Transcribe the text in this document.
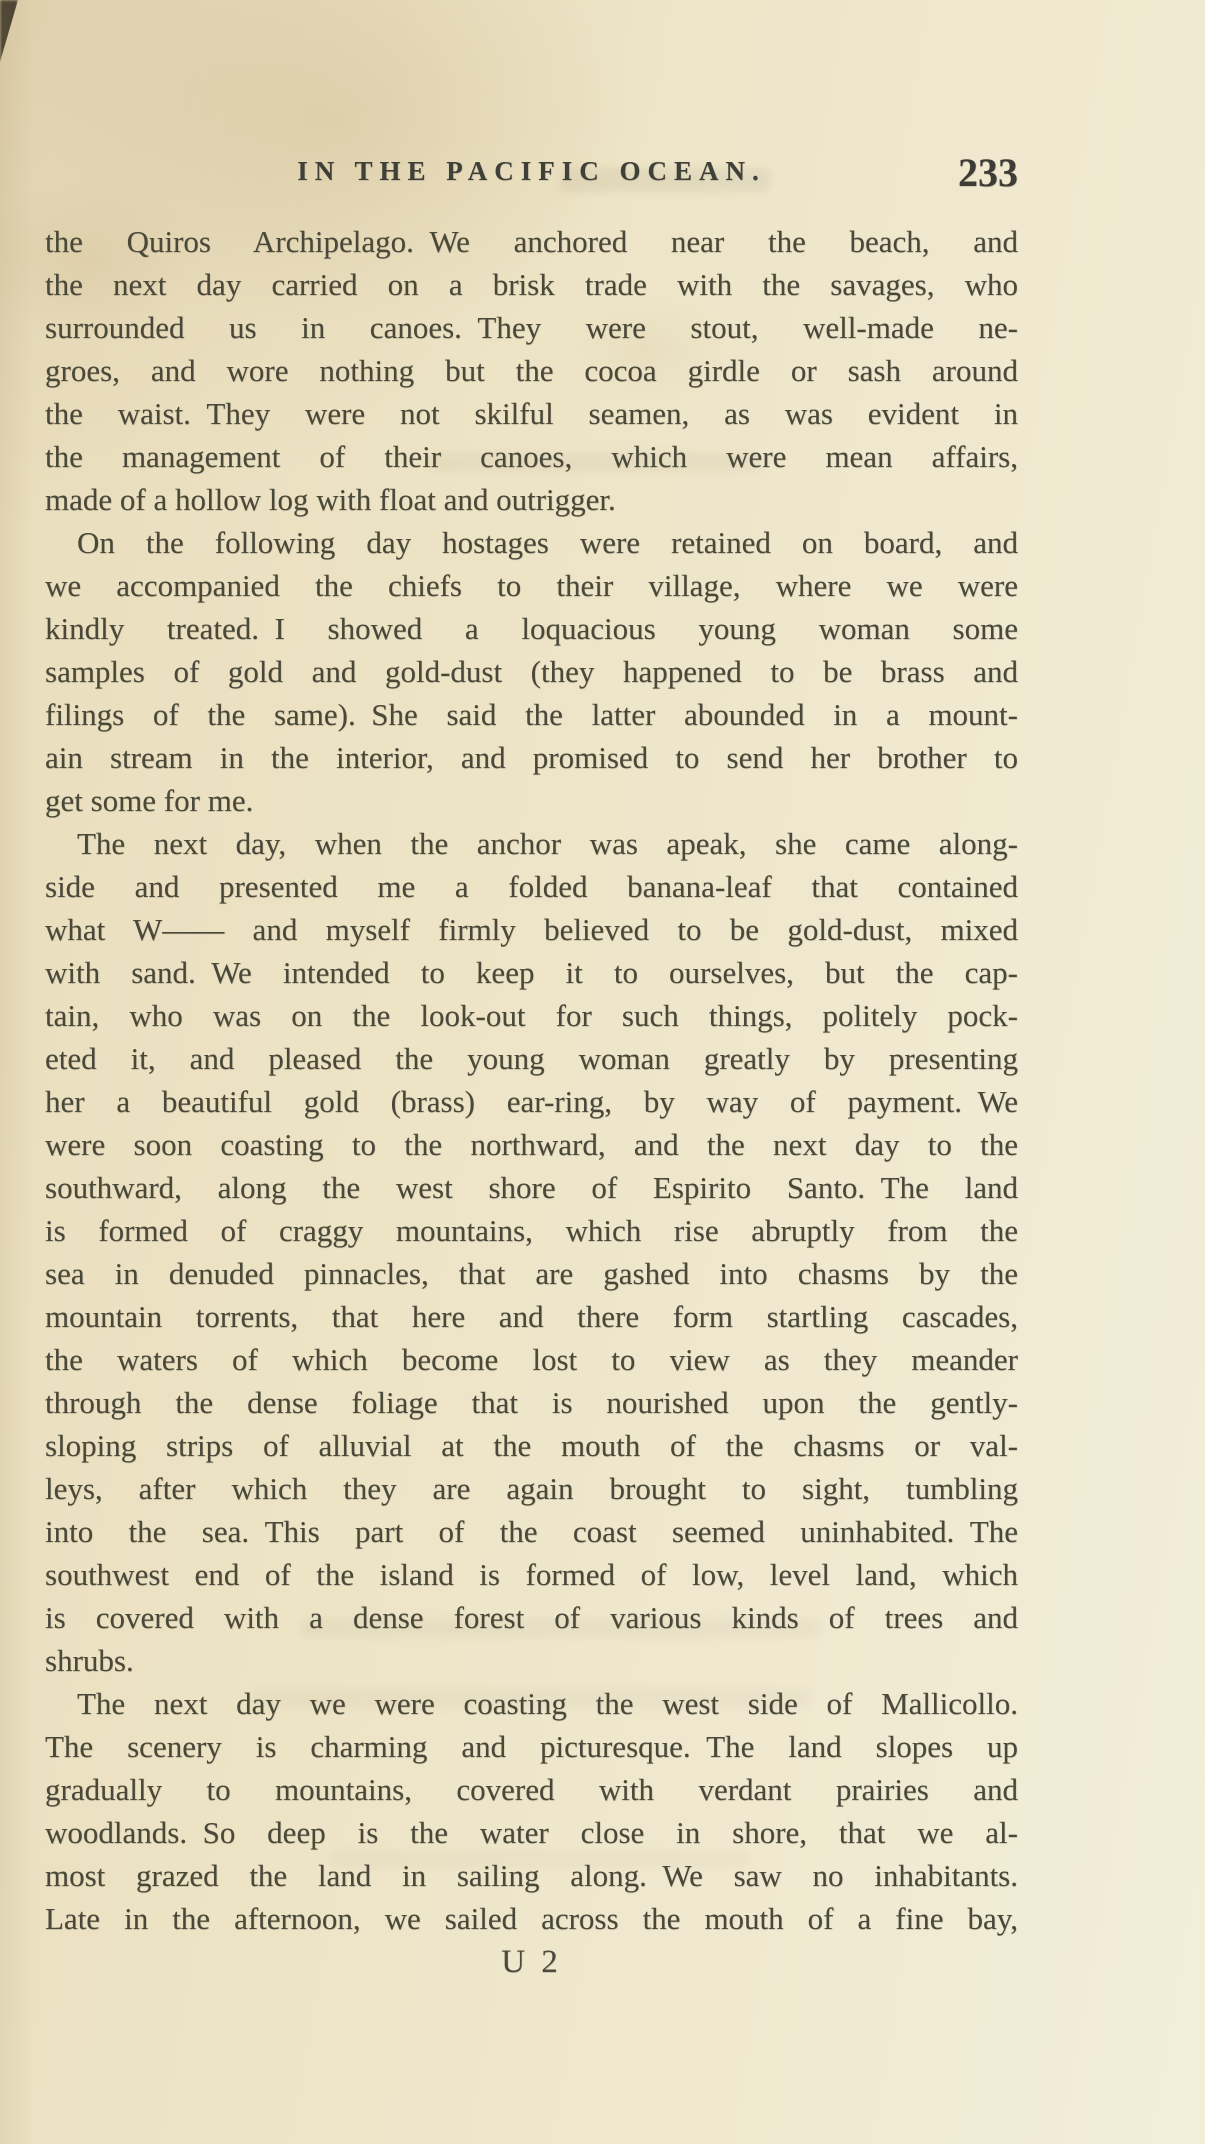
IN THE PACIFIC OCEAN.	233
the Quiros Archipelago. We anchored near the beach, and
the next day carried on a brisk trade with the savages, who
surrounded us in canoes. They were stout, well-made ne-
groes, and wore nothing but the cocoa girdle or sash around
the waist. They were not skilful seamen, as was evident in
the management of their canoes, which were mean affairs,
made of a hollow log with float and outrigger.
On the following day hostages were retained on board, and
we accompanied the chiefs to their village, where we were
kindly treated. I showed a loquacious young woman some
samples of gold and gold-dust (they happened to be brass and
filings of the same). She said the latter abounded in a mount-
ain stream in the interior, and promised to send her brother to
get some for me.
The next day, when the anchor was apeak, she came along-
side and presented me a folded banana-leaf that contained
what W—— and myself firmly believed to be gold-dust, mixed
with sand. We intended to keep it to ourselves, but the cap-
tain, who was on the look-out for such things, politely pock-
eted it, and pleased the young woman greatly by presenting
her a beautiful gold (brass) ear-ring, by way of payment. We
were soon coasting to the northward, and the next day to the
southward, along the west shore of Espirito Santo. The land
is formed of craggy mountains, which rise abruptly from the
sea in denuded pinnacles, that are gashed into chasms by the
mountain torrents, that here and there form startling cascades,
the waters of which become lost to view as they meander
through the dense foliage that is nourished upon the gently-
sloping strips of alluvial at the mouth of the chasms or val-
leys, after which they are again brought to sight, tumbling
into the sea. This part of the coast seemed uninhabited. The
southwest end of the island is formed of low, level land, which
is covered with a dense forest of various kinds of trees and
shrubs.
The next day we were coasting the west side of Mallicollo.
The scenery is charming and picturesque. The land slopes up
gradually to mountains, covered with verdant prairies and
woodlands. So deep is the water close in shore, that we al-
most grazed the land in sailing along. We saw no inhabitants.
Late in the afternoon, we sailed across the mouth of a fine bay,
U 2
